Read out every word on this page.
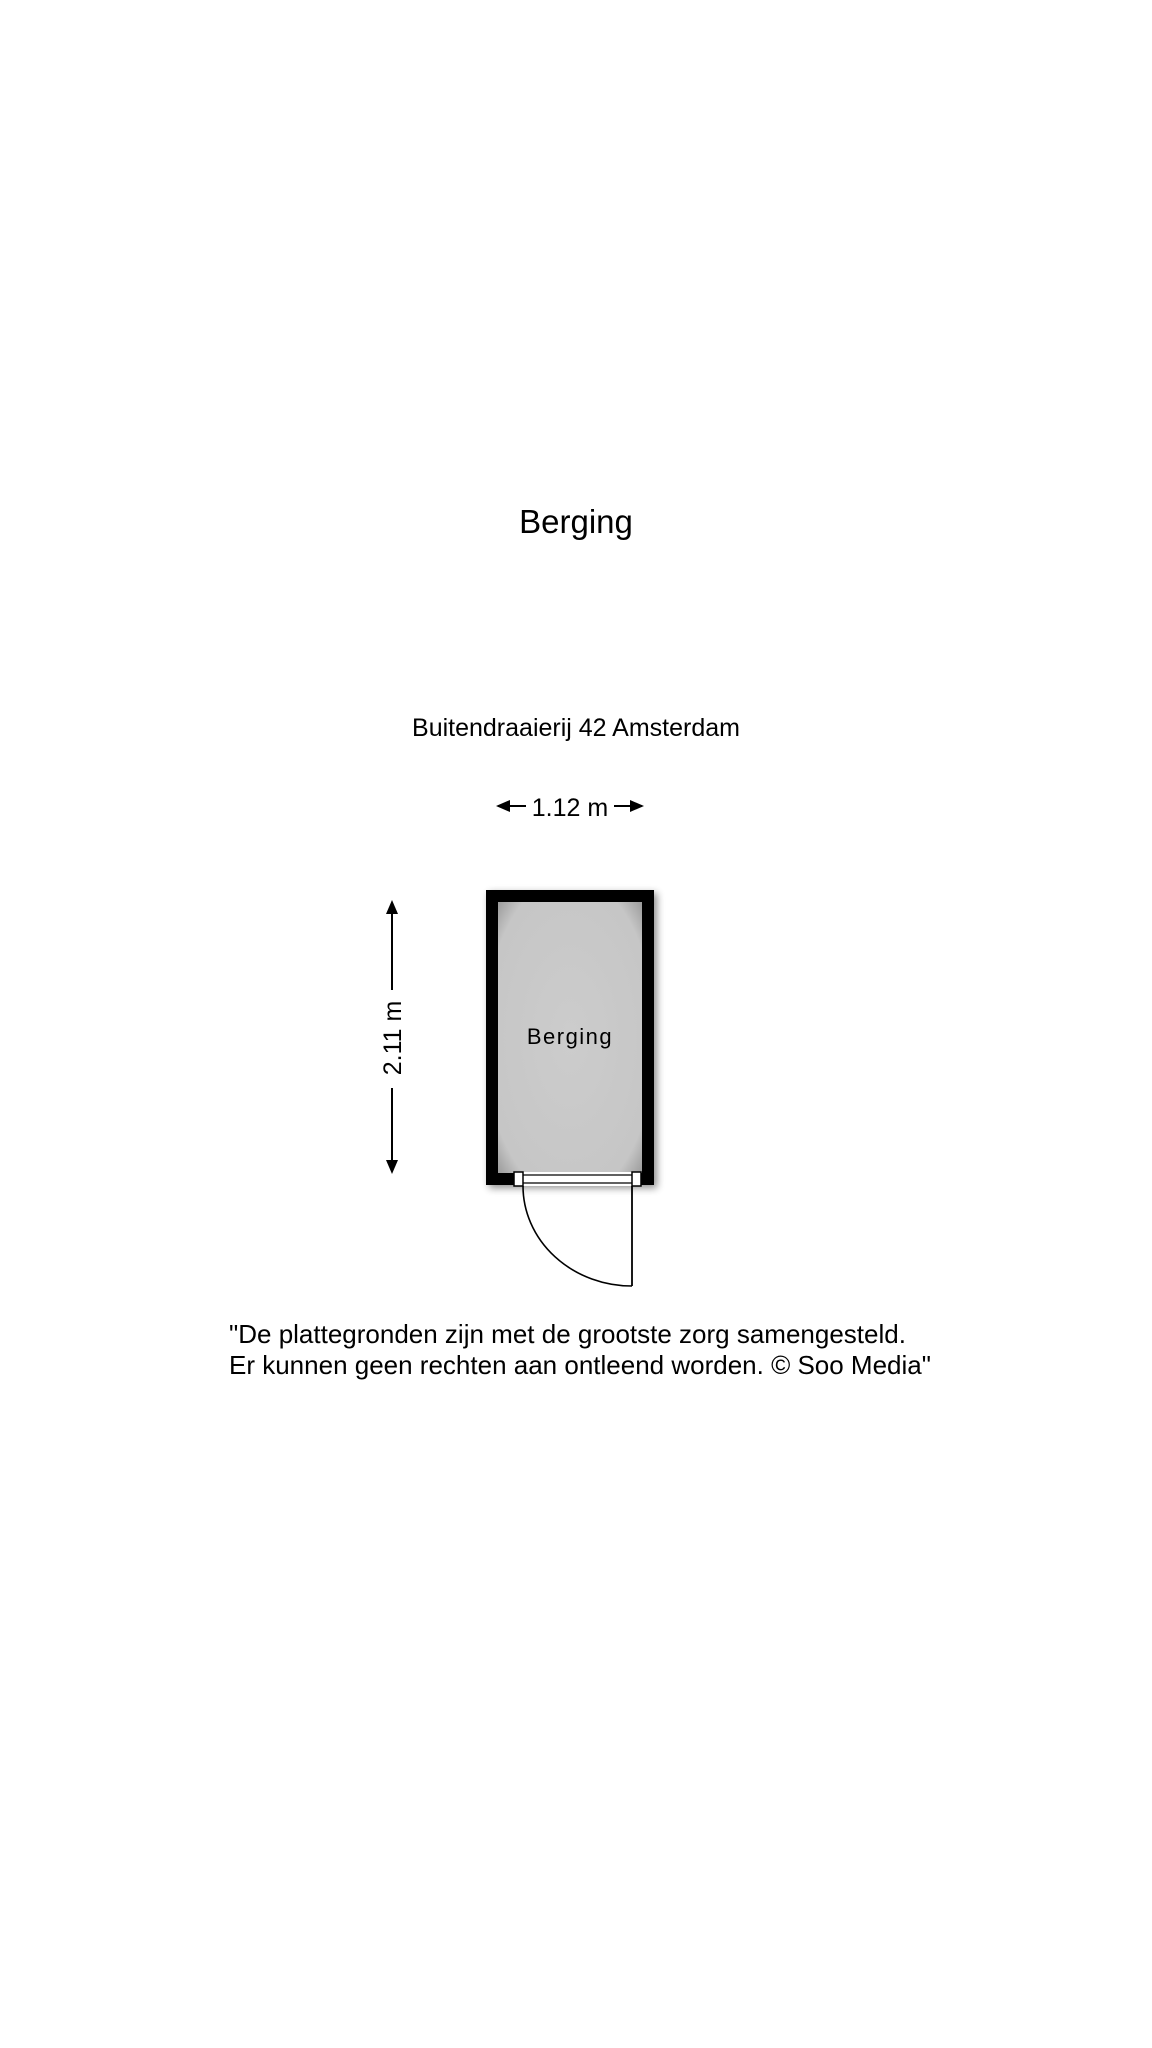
Berging
Buitendraaierij 42 Amsterdam
1.12 m
2.11 m	Berging
"De plattegronden zijn met de grootste zorg samengesteld.
Er kunnen geen rechten aan ontleend worden. © Soo Media"
